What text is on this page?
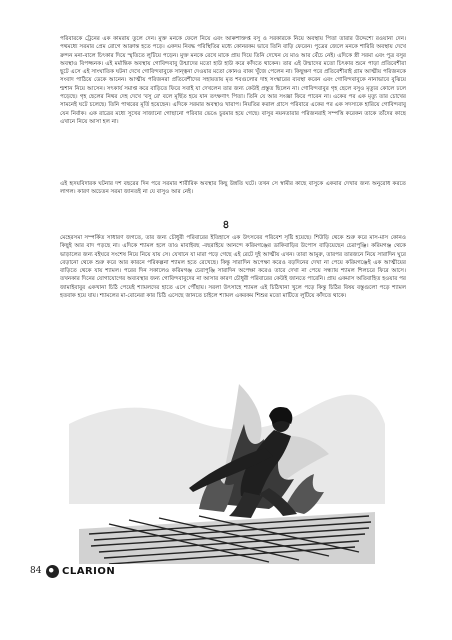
পরিবারকে ট্রেনের এক কামরায় তুলে দেন। মুক্ত মনকে ফেলে নিয়ে এবং আৰুশাক্তপ্ত বসু ও সরকারকে নিয়ে অবস্থায় পিতা তারার উদ্দেশ্যে রওয়ানা দেন। পথমধ্যে সরমার প্রেম রোগে আক্রান্ত হতে পড়ে। একদম নিবদ্ধ পরিস্থিতির মধ্যে কোনরকম ভাবে তিনি বাড়ি ফেরেন। পুত্রের জেলে মনকে শারিরি অবস্থায় দেখে ক্রন্দন মনা-বালে চিৎকার দিয়ে স্মৃতিতে লুটিয়ে পড়েন। মুক্ত মনকে রেখে মাকে প্রায় দিয়ে তিনি দেখেন যে মাও আর বেঁচে নেই। এদিকে স্ত্রী সরমা এবং পুত্র বসুর অবস্থাও বিপজ্জনক। এই মর্মান্তিক অবস্থায় গোবিন্দবাবু উন্মাদের মতো হাউ হাউ করে কাঁদতে থাকেন। তার এই উন্মাদের মতো চিৎকার শুনে পাড়া প্রতিবেশীরা ছুটে এসে এই সাংঘাতিক ঘটনা দেখে গোবিন্দবাবুকে সান্ত্বনা দেওয়ার মতো কোনও বাক্য খুঁজে পেলেন না। কিছুক্ষণ পরে প্রতিবেশীরাই গ্রাম আত্মীয় পরিজনকে সংবাদ পাঠিয়ে ডেকে আনেন। আত্মীয় পরিজনরা প্রতিবেশীদের সহায়তায় মৃত শবগুলোর দাহ সংস্কারের ব্যবস্থা করেন এবং গোবিন্দবাবুকে নানাভাবে বুঝিয়ে শ্মশান নিয়ে আসেন। সৎকার্য সমাপ্ত করে বাড়িতে ফিরে সবাই যা দেখলেন তার জন্য কেউই প্রস্তুত ছিলেন না। গোবিন্দবাবুর গৃহ ছেলে বসুও মৃত্যুর কোলে ঢলে পড়েছে। গৃহ ছেলের নিথর দেহ দেখে 'বসু রে' বলে মূর্ছিত হয়ে যান তৎক্ষণাৎ পিতা। তিনি যে আর সংজ্ঞা ফিরে পাবেন না। একের পর এক মৃত্যু তার চোখের সামনেই ঘটে চলেছে। তিনি পাথরের মূর্তি হয়েছেন। এদিকে সরমার অবস্থাও খারাপ। নিয়তির করাল গ্রাসে পরিবারে একের পর এক সদস্যকে হারিয়ে গোবিন্দবাবু যেন নির্বাক। এক রাত্রের মধ্যে সুখের সাজানো গোছানো পরিবার ভেঙে চুরমার হয়ে গেছে। বাসুর নয়নতারার পরিজনরাই সম্পত্তি করেকন তাকে তাঁদের কাছে এখানে নিয়ে আসা হল না।

এই হৃদয়বিদারক ঘটনার দশ বছরের দিন পরে সরমার শারীরিক অবস্থার কিছু উন্নতি ঘটে। তখন সে স্বামীর কাছে বাসুকে একবার দেখার জন্য অনুরোধ করতে লাগল। কারণ অচেতন সরমা জানতই না যে বাসুও আর নেই।

৪

মেহেরসমা সম্পর্কিত সাধারণ জগতে, তার জন্য চৌধুরী পরিবারের ইতিহাসে এক উৎসবের পরিবেশ সৃষ্টি হয়েছে। শিউড়ি থেকে শুরু করে মাস-মাস কোনও কিছুই আর বাদ পড়ছে না। এদিকে শ্যামল হলে তাও মাবাইবছ -বছরাইয়ে আনন্দে করিমগঞ্জের ডাকিবাড়ির উপোস বাড়িয়েছেন চেরাপুঞ্জি। করিমগঞ্জ থেকে ভাড়ালের জন্য বইঘরে সংশেষ নিয়ে নিয়ে যায় সে। যেখানে যা মারা পড়ে গেছে এই রেটে দুই আত্মীয় এখন। তারা আমুরু, তারপর তারজনে নিয়ে সারাদিন ঘুরে বেড়ানো থেকে শুরু করে আর কারনে পরিকল্পনা শ্যামল হতে রেখেছে। কিন্তু সারাদিন অপেক্ষা করেও বড়দিনের দেখা না পেয়ে করিমগঞ্জেই এক আত্মীয়ের বাড়িতে থেকে যায় শ্যামল। পরের দিন সকালেও করিমগঞ্জ চেরাপুঞ্জি সারাদিন অপেক্ষা করেও তারে দেখা না পেয়ে সন্ধ্যায় শ্যামল শিলচরে ফিরে আসে। তখনকার দিনের যোগাযোগের অব্যবস্থার জন্য গোবিন্দবাবুদের না আসার কারণ চৌধুরী পরিবারের কেউই জানতে পারেনি। প্রায় একমাস অতিবাহিত হওয়ার পর জামাইবাবুর একখানা চিঠি পেয়েই শ্যামলদের হাতে এসে পৌঁছায়। সরলা উৎসাহে শ্যামল এই চিঠিখানা খুলে পড়ে কিন্তু চিঠির বিষয় বস্তুগুলো পড়ে শ্যামল হতবাক হয়ে যায়। শ্যামলের মা-বোনেরা কার চিঠি এসেছে জানতে চাইলে শ্যামল একরকম শিশুর মতো মাটিতে লুটিয়ে কাঁদতে থাকে।

84 CLARION
